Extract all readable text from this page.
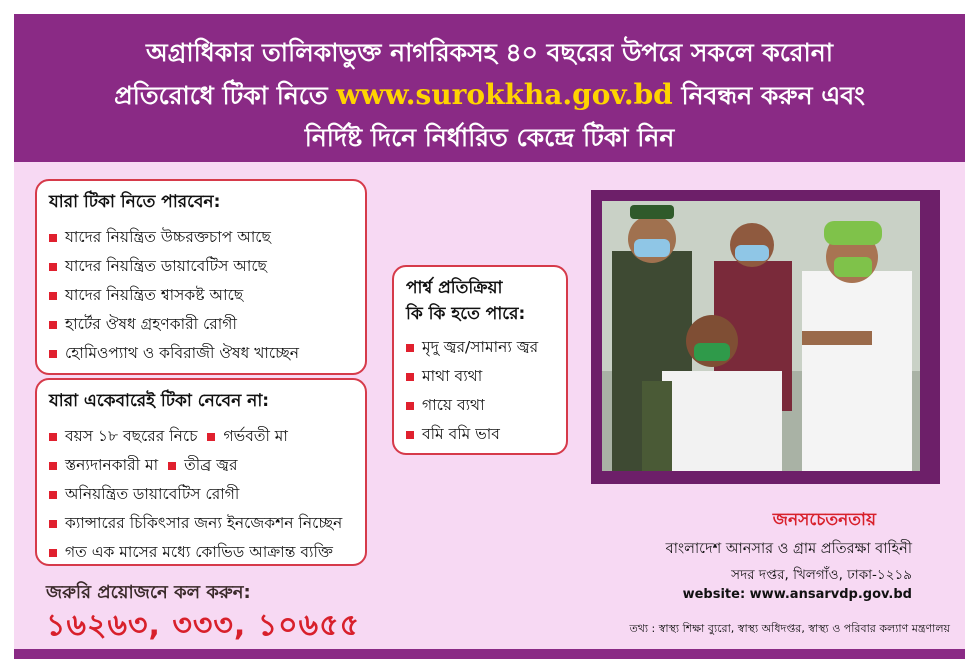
অগ্রাধিকার তালিকাভুক্ত নাগরিকসহ ৪০ বছরের উপরে সকলে করোনা
প্রতিরোধে টিকা নিতে www.surokkha.gov.bd নিবন্ধন করুন এবং
নির্দিষ্ট দিনে নির্ধারিত কেন্দ্রে টিকা নিন
যারা টিকা নিতে পারবেন:
যাদের নিয়ন্ত্রিত উচ্চরক্তচাপ আছে
যাদের নিয়ন্ত্রিত ডায়াবেটিস আছে
যাদের নিয়ন্ত্রিত শ্বাসকষ্ট আছে
হার্টের ঔষধ গ্রহণকারী রোগী
হোমিওপ্যাথ ও কবিরাজী ঔষধ খাচ্ছেন
যারা একেবারেই টিকা নেবেন না:
বয়স ১৮ বছরের নিচে গর্ভবতী মা
স্তন্যদানকারী মা তীব্র জ্বর
অনিয়ন্ত্রিত ডায়াবেটিস রোগী
ক্যান্সারের চিকিৎসার জন্য ইনজেকশন নিচ্ছেন
গত এক মাসের মধ্যে কোভিড আক্রান্ত ব্যক্তি
পার্শ্ব প্রতিক্রিয়া
কি কি হতে পারে:
মৃদু জ্বর/সামান্য জ্বর
মাথা ব্যথা
গায়ে ব্যথা
বমি বমি ভাব
জরুরি প্রয়োজনে কল করুন:
১৬২৬৩, ৩৩৩, ১০৬৫৫
জনসচেতনতায়
বাংলাদেশ আনসার ও গ্রাম প্রতিরক্ষা বাহিনী
সদর দপ্তর, খিলগাঁও, ঢাকা-১২১৯
website: www.ansarvdp.gov.bd
তথ্য : স্বাস্থ্য শিক্ষা ব্যুরো, স্বাস্থ্য অধিদপ্তর, স্বাস্থ্য ও পরিবার কল্যাণ মন্ত্রণালয়
